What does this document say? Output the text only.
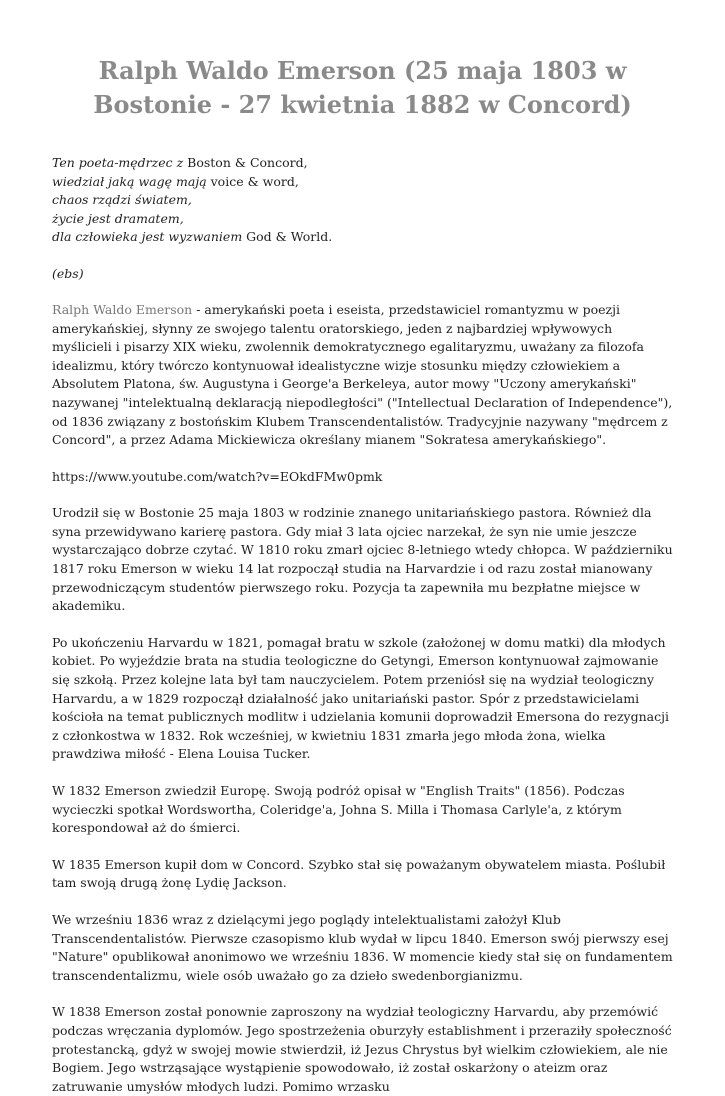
Ralph Waldo Emerson (25 maja 1803 w Bostonie - 27 kwietnia 1882 w Concord)
Ten poeta-mędrzec z Boston & Concord,
wiedział jaką wagę mają voice & word,
chaos rządzi światem,
życie jest dramatem,
dla człowieka jest wyzwaniem God & World.
(ebs)

Ralph Waldo Emerson - amerykański poeta i eseista, przedstawiciel romantyzmu w poezji amerykańskiej, słynny ze swojego talentu oratorskiego, jeden z najbardziej wpływowych myślicieli i pisarzy XIX wieku, zwolennik demokratycznego egalitaryzmu, uważany za filozofa idealizmu, który twórczo kontynuował idealistyczne wizje stosunku między człowiekiem a Absolutem Platona, św. Augustyna i George'a Berkeleya, autor mowy "Uczony amerykański" nazywanej "intelektualną deklaracją niepodległości" ("Intellectual Declaration of Independence"), od 1836 związany z bostońskim Klubem Transcendentalistów. Tradycyjnie nazywany "mędrcem z Concord", a przez Adama Mickiewicza określany mianem "Sokratesa amerykańskiego".

https://www.youtube.com/watch?v=EOkdFMw0pmk

Urodził się w Bostonie 25 maja 1803 w rodzinie znanego unitariańskiego pastora. Również dla syna przewidywano karierę pastora. Gdy miał 3 lata ojciec narzekał, że syn nie umie jeszcze wystarczająco dobrze czytać. W 1810 roku zmarł ojciec 8-letniego wtedy chłopca. W październiku 1817 roku Emerson w wieku 14 lat rozpoczął studia na Harvardzie i od razu został mianowany przewodniczącym studentów pierwszego roku. Pozycja ta zapewniła mu bezpłatne miejsce w akademiku.

Po ukończeniu Harvardu w 1821, pomagał bratu w szkole (założonej w domu matki) dla młodych kobiet. Po wyjeździe brata na studia teologiczne do Getyngi, Emerson kontynuował zajmowanie się szkołą. Przez kolejne lata był tam nauczycielem. Potem przeniósł się na wydział teologiczny Harvardu, a w 1829 rozpoczął działalność jako unitariański pastor. Spór z przedstawicielami kościoła na temat publicznych modlitw i udzielania komunii doprowadził Emersona do rezygnacji z członkostwa w 1832. Rok wcześniej, w kwietniu 1831 zmarła jego młoda żona, wielka prawdziwa miłość - Elena Louisa Tucker.

W 1832 Emerson zwiedził Europę. Swoją podróż opisał w "English Traits" (1856). Podczas wycieczki spotkał Wordswortha, Coleridge'a, Johna S. Milla i Thomasa Carlyle'a, z którym korespondował aż do śmierci.

W 1835 Emerson kupił dom w Concord. Szybko stał się poważanym obywatelem miasta. Poślubił tam swoją drugą żonę Lydię Jackson.

We wrześniu 1836 wraz z dzielącymi jego poglądy intelektualistami założył Klub Transcendentalistów. Pierwsze czasopismo klub wydał w lipcu 1840. Emerson swój pierwszy esej "Nature" opublikował anonimowo we wrześniu 1836. W momencie kiedy stał się on fundamentem transcendentalizmu, wiele osób uważało go za dzieło swedenborgianizmu.

W 1838 Emerson został ponownie zaproszony na wydział teologiczny Harvardu, aby przemówić podczas wręczania dyplomów. Jego spostrzeżenia oburzyły establishment i przeraziły społeczność protestancką, gdyż w swojej mowie stwierdził, iż Jezus Chrystus był wielkim człowiekiem, ale nie Bogiem. Jego wstrząsające wystąpienie spowodowało, iż został oskarżony o ateizm oraz zatruwanie umysłów młodych ludzi. Pomimo wrzasku
